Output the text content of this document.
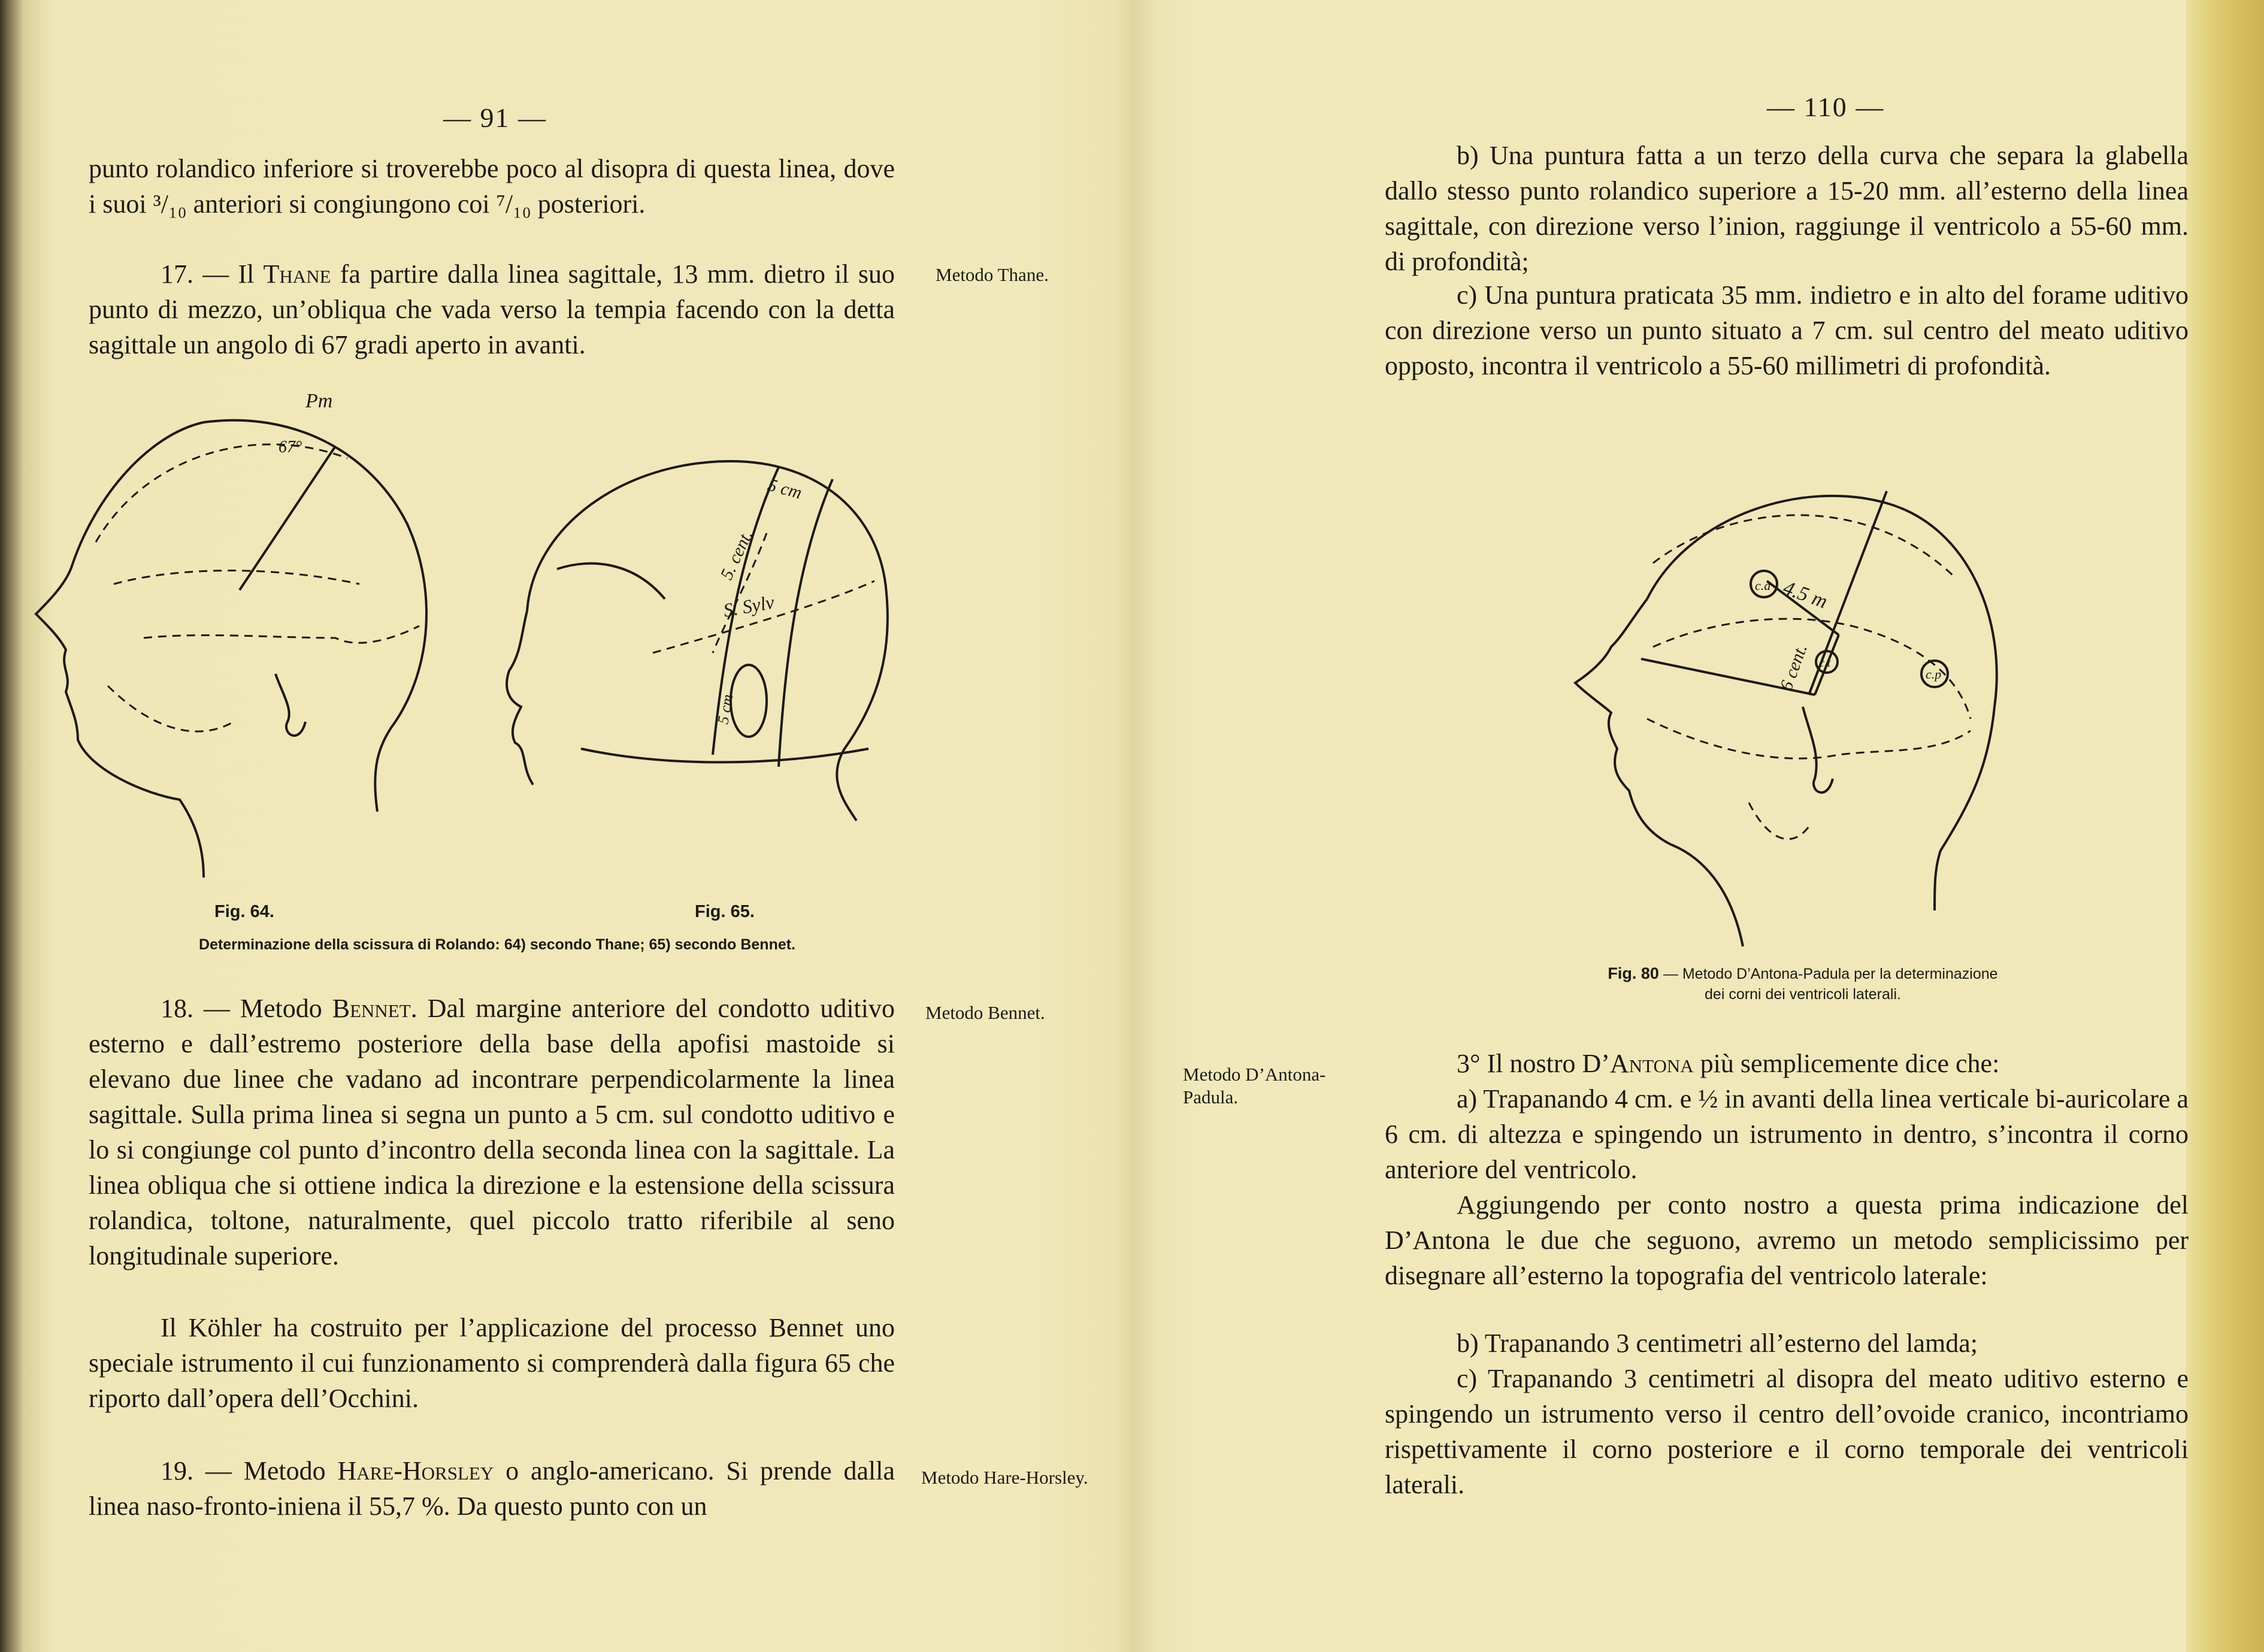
— 91 —

punto rolandico inferiore si troverebbe poco al disopra di questa linea, dove i suoi ³/₁₀ anteriori si congiungono coi ⁷/₁₀ posteriori.

17. — Il Thane fa partire dalla linea sagittale, 13 mm. dietro il suo punto di mezzo, un’obliqua che vada verso la tempia facendo con la detta sagittale un angolo di 67 gradi aperto in avanti.

Metodo Thane.
Pm
67°
5 cm
5. cent.
S. Sylv
5 cm
Fig. 64.	Fig. 65.
Determinazione della scissura di Rolando: 64) secondo Thane; 65) secondo Bennet.

18. — Metodo Bennet. Dal margine anteriore del condotto uditivo esterno e dall’estremo posteriore della base della apofisi mastoide si elevano due linee che vadano ad incontrare perpendicolarmente la linea sagittale. Sulla prima linea si segna un punto a 5 cm. sul condotto uditivo e lo si congiunge col punto d’incontro della seconda linea con la sagittale. La linea obliqua che si ottiene indica la direzione e la estensione della scissura rolandica, toltone, naturalmente, quel piccolo tratto riferibile al seno longitudinale superiore.

Metodo Bennet.

Il Köhler ha costruito per l’applicazione del processo Bennet uno speciale istrumento il cui funzionamento si comprenderà dalla figura 65 che riporto dall’opera dell’Occhini.

19. — Metodo Hare-Horsley o anglo-americano. Si prende dalla linea naso-fronto-iniena il 55,7 %. Da questo punto con un

Metodo Hare-Horsley.
— 110 —

b) Una puntura fatta a un terzo della curva che separa la glabella dallo stesso punto rolandico superiore a 15-20 mm. all’esterno della linea sagittale, con direzione verso l’inion, raggiunge il ventricolo a 55-60 mm. di profondità;

c) Una puntura praticata 35 mm. indietro e in alto del forame uditivo con direzione verso un punto situato a 7 cm. sul centro del meato uditivo opposto, incontra il ventricolo a 55-60 millimetri di profondità.

c.a 4.5 m
6 cent. c.t
c.p
Fig. 80 — Metodo D’Antona-Padula per la determinazione
dei corni dei ventricoli laterali.
Metodo D’Antona-Padula.

3° Il nostro D’Antona più semplicemente dice che:

a) Trapanando 4 cm. e ½ in avanti della linea verticale bi-auricolare a 6 cm. di altezza e spingendo un istrumento in dentro, s’incontra il corno anteriore del ventricolo.

Aggiungendo per conto nostro a questa prima indicazione del D’Antona le due che seguono, avremo un metodo semplicissimo per disegnare all’esterno la topografia del ventricolo laterale:

b) Trapanando 3 centimetri all’esterno del lamda;

c) Trapanando 3 centimetri al disopra del meato uditivo esterno e spingendo un istrumento verso il centro dell’ovoide cranico, incontriamo rispettivamente il corno posteriore e il corno temporale dei ventricoli laterali.
